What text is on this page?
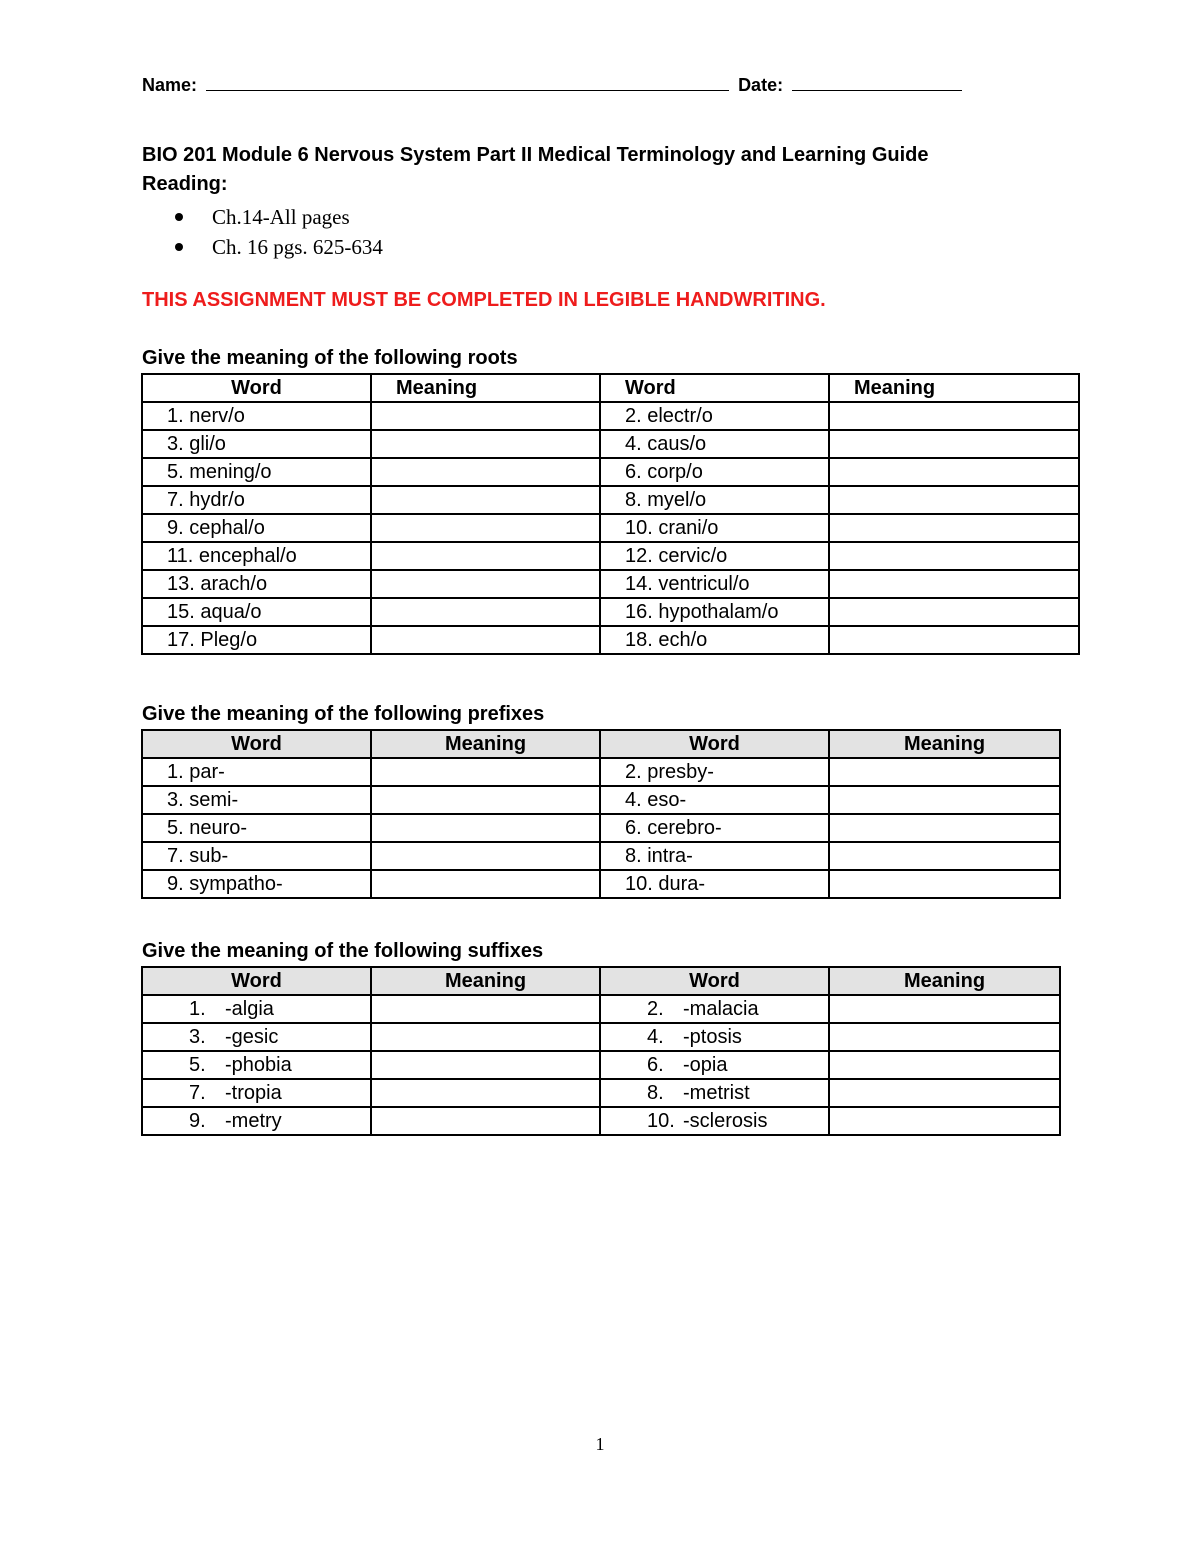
Name:	Date:
BIO 201 Module 6 Nervous System Part II Medical Terminology and Learning Guide
Reading:
Ch.14-All pages
Ch. 16 pgs. 625-634
THIS ASSIGNMENT MUST BE COMPLETED IN LEGIBLE HANDWRITING.
Give the meaning of the following roots
Word	Meaning	Word	Meaning
1. nerv/o		2. electr/o	
3. gli/o		4. caus/o	
5. mening/o		6. corp/o	
7. hydr/o		8. myel/o	
9. cephal/o		10. crani/o	
11. encephal/o		12. cervic/o	
13. arach/o		14. ventricul/o	
15. aqua/o		16. hypothalam/o	
17. Pleg/o		18. ech/o	
Give the meaning of the following prefixes
Word	Meaning	Word	Meaning
1. par-		2. presby-	
3. semi-		4. eso-	
5. neuro-		6. cerebro-	
7. sub-		8. intra-	
9. sympatho-		10. dura-	
Give the meaning of the following suffixes
Word	Meaning	Word	Meaning
1. -algia		2. -malacia	
3. -gesic		4. -ptosis	
5. -phobia		6. -opia	
7. -tropia		8. -metrist	
9. -metry		10. -sclerosis	
1
